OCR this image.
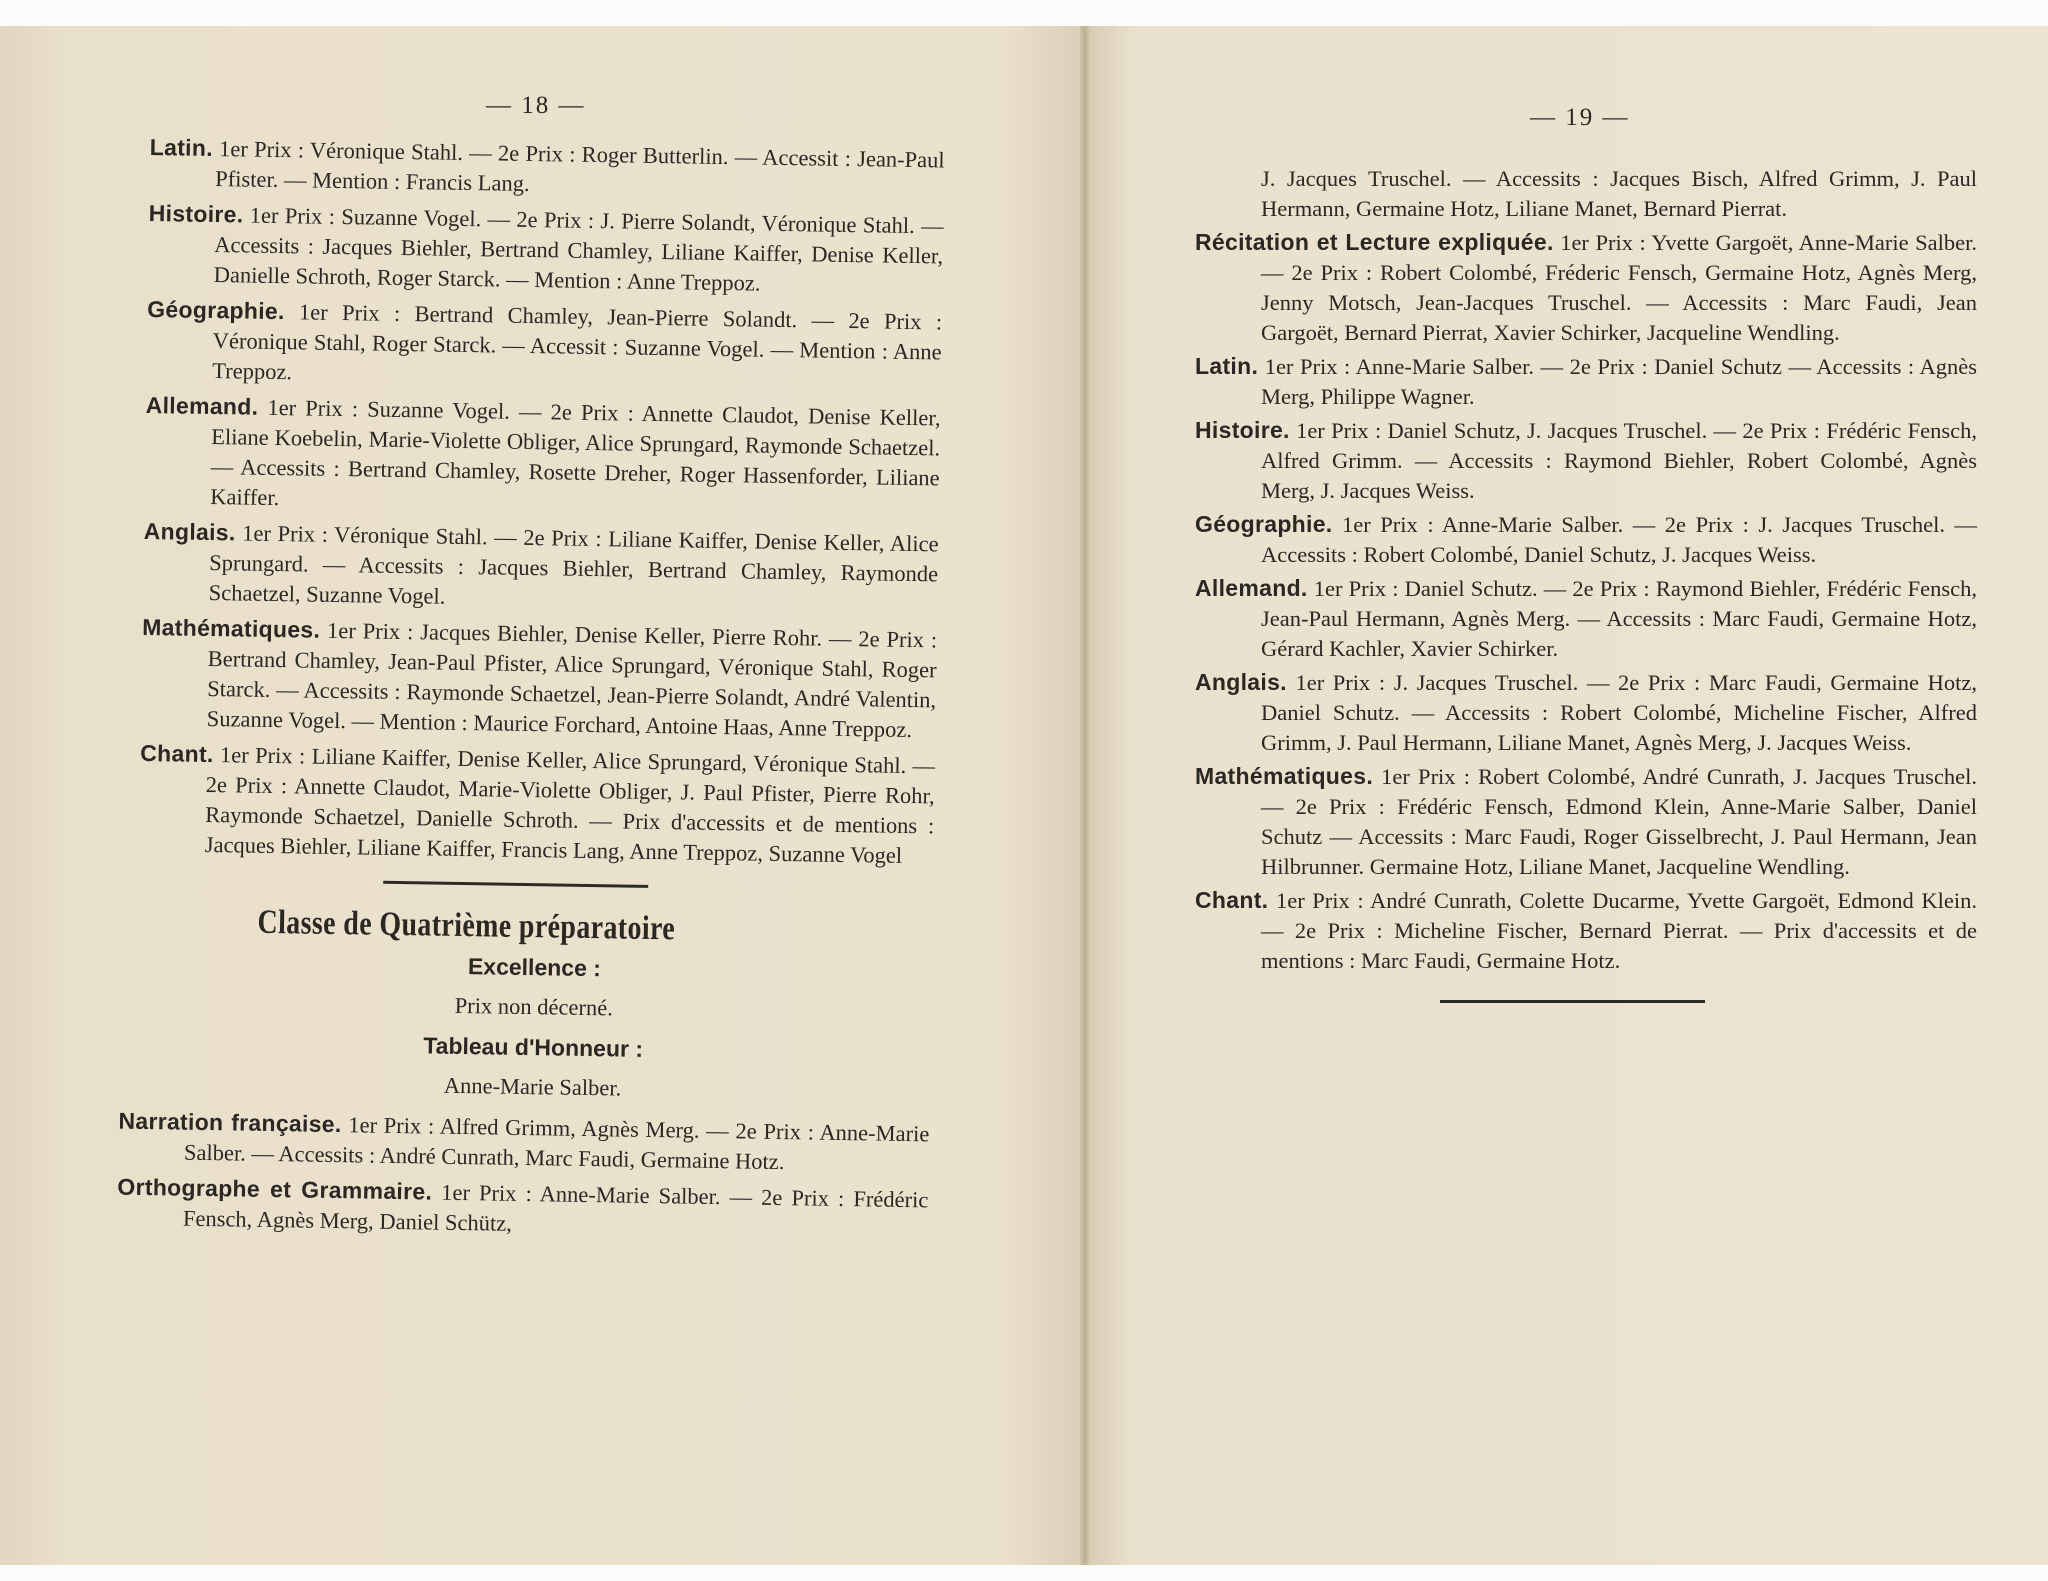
— 18 —

Latin. 1er Prix : Véronique Stahl. — 2e Prix : Roger Butterlin. — Accessit : Jean-Paul Pfister. — Mention : Francis Lang.

Histoire. 1er Prix : Suzanne Vogel. — 2e Prix : J. Pierre Solandt, Véronique Stahl. — Accessits : Jacques Biehler, Bertrand Chamley, Liliane Kaiffer, Denise Keller, Danielle Schroth, Roger Starck. — Mention : Anne Treppoz.

Géographie. 1er Prix : Bertrand Chamley, Jean-Pierre Solandt. — 2e Prix : Véronique Stahl, Roger Starck. — Accessit : Suzanne Vogel. — Mention : Anne Treppoz.

Allemand. 1er Prix : Suzanne Vogel. — 2e Prix : Annette Claudot, Denise Keller, Eliane Koebelin, Marie-Violette Obliger, Alice Sprungard, Raymonde Schaetzel. — Accessits : Bertrand Chamley, Rosette Dreher, Roger Hassenforder, Liliane Kaiffer.

Anglais. 1er Prix : Véronique Stahl. — 2e Prix : Liliane Kaiffer, Denise Keller, Alice Sprungard. — Accessits : Jacques Biehler, Bertrand Chamley, Raymonde Schaetzel, Suzanne Vogel.

Mathématiques. 1er Prix : Jacques Biehler, Denise Keller, Pierre Rohr. — 2e Prix : Bertrand Chamley, Jean-Paul Pfister, Alice Sprungard, Véronique Stahl, Roger Starck. — Accessits : Raymonde Schaetzel, Jean-Pierre Solandt, André Valentin, Suzanne Vogel. — Mention : Maurice Forchard, Antoine Haas, Anne Treppoz.

Chant. 1er Prix : Liliane Kaiffer, Denise Keller, Alice Sprungard, Véronique Stahl. — 2e Prix : Annette Claudot, Marie-Violette Obliger, J. Paul Pfister, Pierre Rohr, Raymonde Schaetzel, Danielle Schroth. — Prix d'accessits et de mentions : Jacques Biehler, Liliane Kaiffer, Francis Lang, Anne Treppoz, Suzanne Vogel

Classe de Quatrième préparatoire
Excellence :
Prix non décerné.
Tableau d'Honneur :
Anne-Marie Salber.

Narration française. 1er Prix : Alfred Grimm, Agnès Merg. — 2e Prix : Anne-Marie Salber. — Accessits : André Cunrath, Marc Faudi, Germaine Hotz.

Orthographe et Grammaire. 1er Prix : Anne-Marie Salber. — 2e Prix : Frédéric Fensch, Agnès Merg, Daniel Schütz,

— 19 —

J. Jacques Truschel. — Accessits : Jacques Bisch, Alfred Grimm, J. Paul Hermann, Germaine Hotz, Liliane Manet, Bernard Pierrat.

Récitation et Lecture expliquée. 1er Prix : Yvette Gargoët, Anne-Marie Salber. — 2e Prix : Robert Colombé, Fréderic Fensch, Germaine Hotz, Agnès Merg, Jenny Motsch, Jean-Jacques Truschel. — Accessits : Marc Faudi, Jean Gargoët, Bernard Pierrat, Xavier Schirker, Jacqueline Wendling.

Latin. 1er Prix : Anne-Marie Salber. — 2e Prix : Daniel Schutz — Accessits : Agnès Merg, Philippe Wagner.

Histoire. 1er Prix : Daniel Schutz, J. Jacques Truschel. — 2e Prix : Frédéric Fensch, Alfred Grimm. — Accessits : Raymond Biehler, Robert Colombé, Agnès Merg, J. Jacques Weiss.

Géographie. 1er Prix : Anne-Marie Salber. — 2e Prix : J. Jacques Truschel. — Accessits : Robert Colombé, Daniel Schutz, J. Jacques Weiss.

Allemand. 1er Prix : Daniel Schutz. — 2e Prix : Raymond Biehler, Frédéric Fensch, Jean-Paul Hermann, Agnès Merg. — Accessits : Marc Faudi, Germaine Hotz, Gérard Kachler, Xavier Schirker.

Anglais. 1er Prix : J. Jacques Truschel. — 2e Prix : Marc Faudi, Germaine Hotz, Daniel Schutz. — Accessits : Robert Colombé, Micheline Fischer, Alfred Grimm, J. Paul Hermann, Liliane Manet, Agnès Merg, J. Jacques Weiss.

Mathématiques. 1er Prix : Robert Colombé, André Cunrath, J. Jacques Truschel. — 2e Prix : Frédéric Fensch, Edmond Klein, Anne-Marie Salber, Daniel Schutz — Accessits : Marc Faudi, Roger Gisselbrecht, J. Paul Hermann, Jean Hilbrunner. Germaine Hotz, Liliane Manet, Jacqueline Wendling.

Chant. 1er Prix : André Cunrath, Colette Ducarme, Yvette Gargoët, Edmond Klein. — 2e Prix : Micheline Fischer, Bernard Pierrat. — Prix d'accessits et de mentions : Marc Faudi, Germaine Hotz.
